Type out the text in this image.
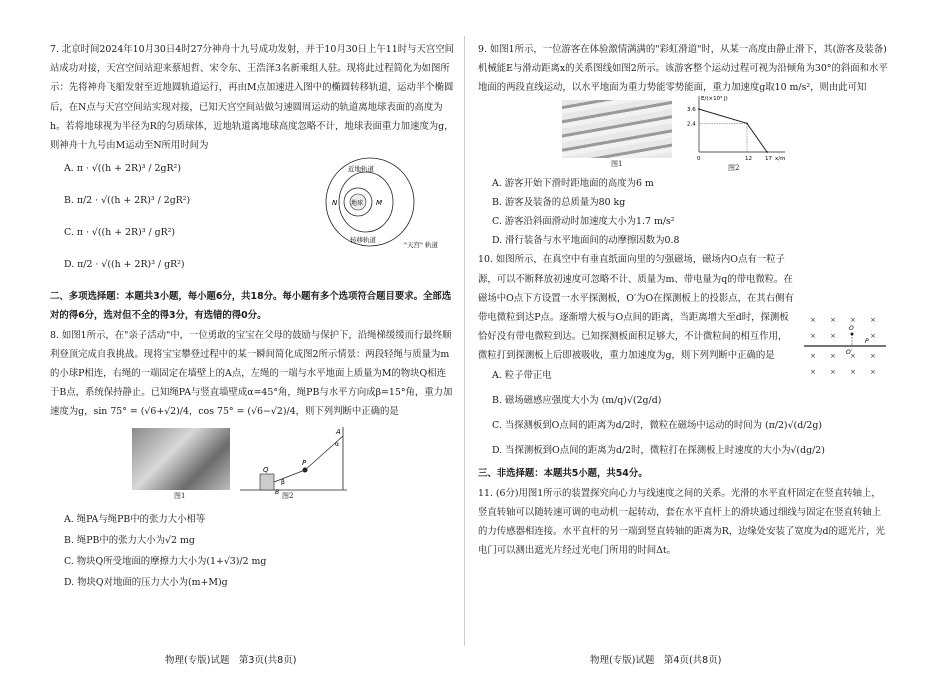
7. 北京时间2024年10月30日4时27分神舟十九号成功发射，并于10月30日上午11时与天宫空间站成功对接，天宫空间站迎来蔡旭哲、宋令东、王浩泽3名新乘组人驻。现将此过程简化为如图所示：先将神舟飞船发射至近地圆轨道运行，再由M点加速进入图中的椭圆转移轨道，运动半个椭圆后，在N点与天宫空间站实现对接，已知天宫空间站做匀速圆周运动的轨道离地球表面的高度为h。若将地球视为半径为R的匀质球体，近地轨道离地球高度忽略不计，地球表面重力加速度为g，则神舟十九号由M运动至N所用时间为

A. π · √((h + 2R)³ / 2gR²)

B. π/2 · √((h + 2R)³ / 2gR²)

C. π · √((h + 2R)³ / gR²)

D. π/2 · √((h + 2R)³ / gR²)

地球
近地轨道
转移轨道
"天宫" 轨道
N	M

二、多项选择题：本题共3小题，每小题6分，共18分。每小题有多个选项符合题目要求。全部选对的得6分，选对但不全的得3分，有选错的得0分。

8. 如图1所示，在"亲子活动"中，一位勇敢的宝宝在父母的鼓励与保护下，沿绳梯缓缓而行最终顺利登顶完成自我挑战。现将宝宝攀登过程中的某一瞬间简化成图2所示情景：两段轻绳与质量为m的小球P相连，右绳的一端固定在墙壁上的A点，左绳的一端与水平地面上质量为M的物块Q相连于B点，系统保持静止。已知绳PA与竖直墙壁成α=45°角，绳PB与水平方向成β=15°角，重力加速度为g，sin 75° = (√6+√2)/4，cos 75° = (√6−√2)/4，则下列判断中正确的是

图1
Q
P
A
B
β
α
图2

A. 绳PA与绳PB中的张力大小相等

B. 绳PB中的张力大小为√2 mg

C. 物块Q所受地面的摩擦力大小为(1+√3)/2 mg

D. 物块Q对地面的压力大小为(m+M)g

9. 如图1所示，一位游客在体验激情满满的"彩虹滑道"时，从某一高度由静止滑下，其(游客及装备)机械能E与滑动距离x的关系图线如图2所示。该游客整个运动过程可视为沿倾角为30°的斜面和水平地面的两段直线运动，以水平地面为重力势能零势能面，重力加速度g取10 m/s²，则由此可知

图1
E/(×10³ J)
x/m
0	12 17
2.4
3.6
图2

A. 游客开始下滑时距地面的高度为6 m

B. 游客及装备的总质量为80 kg

C. 游客沿斜面滑动时加速度大小为1.7 m/s²

D. 滑行装备与水平地面间的动摩擦因数为0.8

10. 如图所示，在真空中有垂直纸面向里的匀强磁场，磁场内O点有一粒子源，可以不断释放初速度可忽略不计、质量为m、带电量为q的带电微粒。在磁场中O点下方设置一水平探测板，O′为O在探测板上的投影点，在其右侧有带电微粒到达P点。逐渐增大板与O点间的距离，当距离增大至d时，探测板恰好没有带电微粒到达。已知探测板面积足够大，不计微粒间的相互作用，微粒打到探测板上后即被吸收，重力加速度为g，则下列判断中正确的是

× × × ×
× ×	×
× × × ×
× × × ×
O
P
O′

A. 粒子带正电

B. 磁场磁感应强度大小为 (m/q)√(2g/d)

C. 当探测板到O点间的距离为d/2时，微粒在磁场中运动的时间为 (π/2)√(d/2g)

D. 当探测板到O点间的距离为d/2时，微粒打在探测板上时速度的大小为√(dg/2)

三、非选择题：本题共5小题，共54分。

11. (6分)用图1所示的装置探究向心力与线速度之间的关系。光滑的水平直杆固定在竖直转轴上，竖直转轴可以随转速可调的电动机一起转动，套在水平直杆上的滑块通过细线与固定在竖直转轴上的力传感器相连接。水平直杆的另一端到竖直转轴的距离为R，边缘处安装了宽度为d的遮光片，光电门可以测出遮光片经过光电门所用的时间Δt。

物理(专版)试题　第3页(共8页)	物理(专版)试题　第4页(共8页)
